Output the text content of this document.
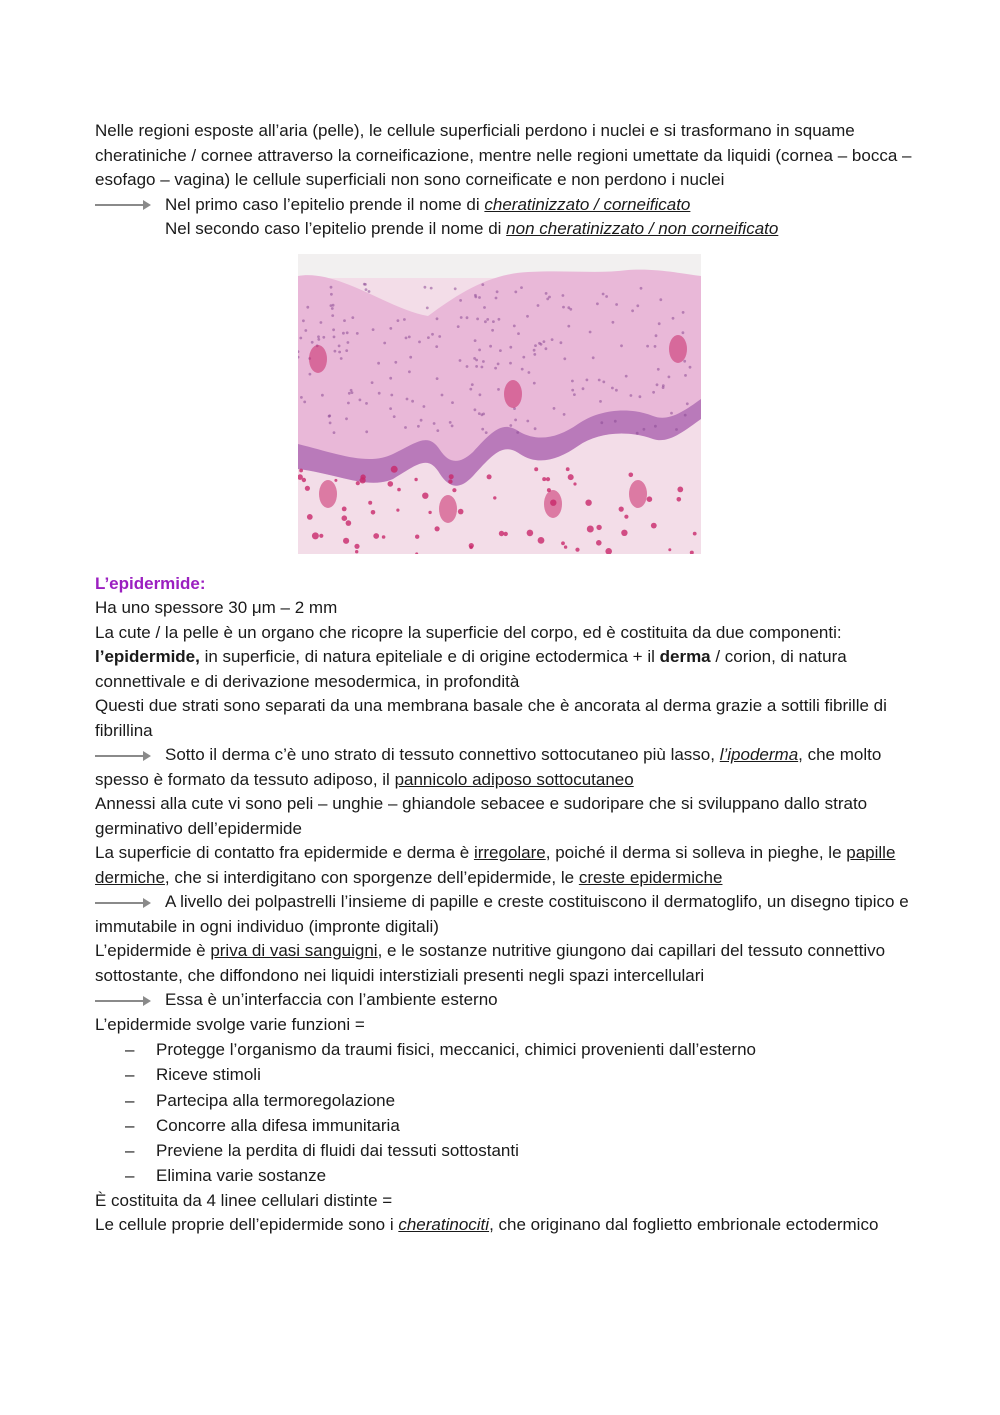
Nelle regioni esposte all’aria (pelle), le cellule superficiali perdono i nuclei e si trasformano in squame cheratiniche / cornee attraverso la corneificazione, mentre nelle regioni umettate da liquidi (cornea – bocca – esofago – vagina) le cellule superficiali non sono corneificate e non perdono i nuclei

Nel primo caso l’epitelio prende il nome di cheratinizzato / corneificato

Nel secondo caso l’epitelio prende il nome di non cheratinizzato / non corneificato

L’epidermide:

Ha uno spessore 30 μm – 2 mm

La cute / la pelle è un organo che ricopre la superficie del corpo, ed è costituita da due componenti: l’epidermide, in superficie, di natura epiteliale e di origine ectodermica + il derma / corion, di natura connettivale e di derivazione mesodermica, in profondità

Questi due strati sono separati da una membrana basale che è ancorata al derma grazie a sottili fibrille di fibrillina

Sotto il derma c’è uno strato di tessuto connettivo sottocutaneo più lasso, l’ipoderma, che molto spesso è formato da tessuto adiposo, il pannicolo adiposo sottocutaneo

Annessi alla cute vi sono peli – unghie – ghiandole sebacee e sudoripare che si sviluppano dallo strato germinativo dell’epidermide

La superficie di contatto fra epidermide e derma è irregolare, poiché il derma si solleva in pieghe, le papille dermiche, che si interdigitano con sporgenze dell’epidermide, le creste epidermiche

A livello dei polpastrelli l’insieme di papille e creste costituiscono il dermatoglifo, un disegno tipico e immutabile in ogni individuo (impronte digitali)

L’epidermide è priva di vasi sanguigni, e le sostanze nutritive giungono dai capillari del tessuto connettivo sottostante, che diffondono nei liquidi interstiziali presenti negli spazi intercellulari

Essa è un’interfaccia con l’ambiente esterno

L’epidermide svolge varie funzioni =

– Protegge l’organismo da traumi fisici, meccanici, chimici provenienti dall’esterno
– Riceve stimoli
– Partecipa alla termoregolazione
– Concorre alla difesa immunitaria
– Previene la perdita di fluidi dai tessuti sottostanti
– Elimina varie sostanze

È costituita da 4 linee cellulari distinte =

Le cellule proprie dell’epidermide sono i cheratinociti, che originano dal foglietto embrionale ectodermico
